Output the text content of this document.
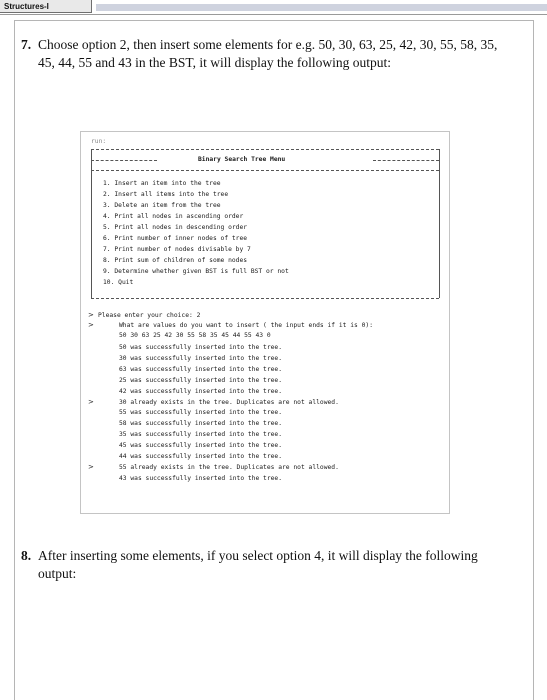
Structures-I
7. Choose option 2, then insert some elements for e.g. 50, 30, 63, 25, 42, 30, 55, 58, 35, 45, 44, 55 and 43 in the BST, it will display the following output:
run:
Binary Search Tree Menu
1. Insert an item into the tree
2. Insert all items into the tree
3. Delete an item from the tree
4. Print all nodes in ascending order
5. Print all nodes in descending order
6. Print number of inner nodes of tree
7. Print number of nodes divisable by 7
8. Print sum of children of some nodes
9. Determine whether given BST is full BST or not
10. Quit
> Please enter your choice: 2
>	What are values do you want to insert ( the input ends if it is 0):
50 30 63 25 42 30 55 58 35 45 44 55 43 0
50 was successfully inserted into the tree.
30 was successfully inserted into the tree.
63 was successfully inserted into the tree.
25 was successfully inserted into the tree.
42 was successfully inserted into the tree.
30 already exists in the tree. Duplicates are not allowed.
>
55 was successfully inserted into the tree.
58 was successfully inserted into the tree.
35 was successfully inserted into the tree.
45 was successfully inserted into the tree.
44 was successfully inserted into the tree.
55 already exists in the tree. Duplicates are not allowed.
>
43 was successfully inserted into the tree.
8. After inserting some elements, if you select option 4, it will display the following output:
